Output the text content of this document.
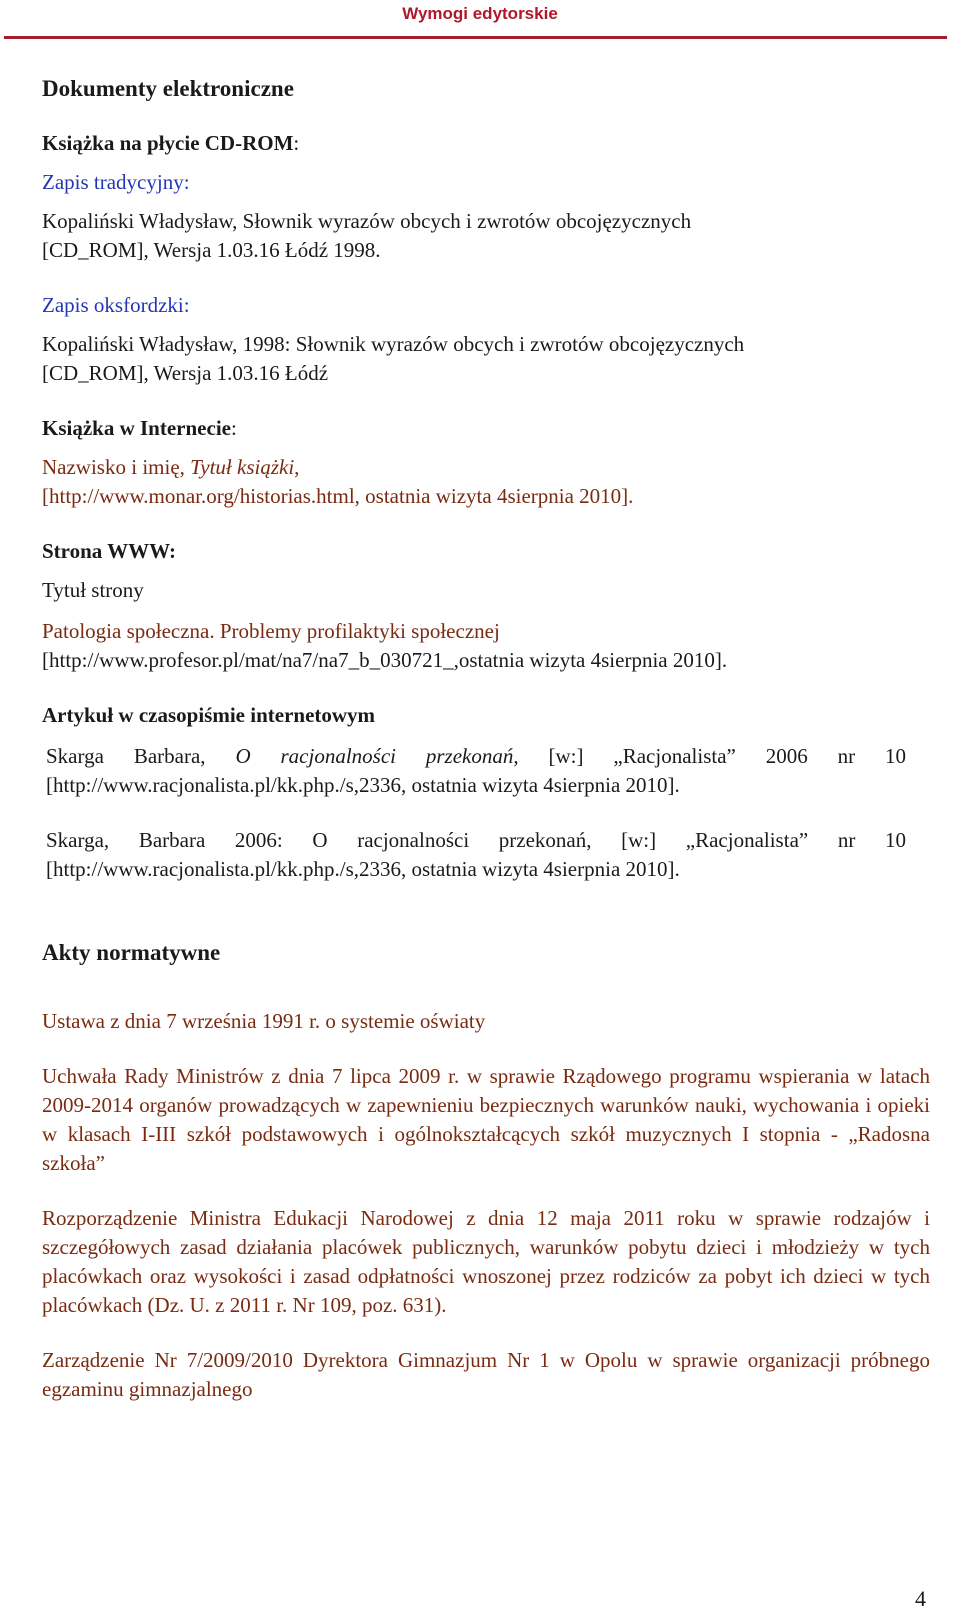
Wymogi edytorskie

Dokumenty elektroniczne

Książka na płycie CD-ROM:

Zapis tradycyjny:

Kopaliński Władysław, Słownik wyrazów obcych i zwrotów obcojęzycznych

[CD_ROM], Wersja 1.03.16 Łódź 1998.

Zapis oksfordzki:

Kopaliński Władysław, 1998: Słownik wyrazów obcych i zwrotów obcojęzycznych

[CD_ROM], Wersja 1.03.16 Łódź

Książka w Internecie:

Nazwisko i imię, Tytuł książki,

[http://www.monar.org/historias.html, ostatnia wizyta 4sierpnia 2010].

Strona WWW:

Tytuł strony

Patologia społeczna. Problemy profilaktyki społecznej

[http://www.profesor.pl/mat/na7/na7_b_030721_,ostatnia wizyta 4sierpnia 2010].

Artykuł w czasopiśmie internetowym

Skarga Barbara, O racjonalności przekonań, [w:] „Racjonalista” 2006 nr 10 [http://www.racjonalista.pl/kk.php./s,2336, ostatnia wizyta 4sierpnia 2010].

Skarga, Barbara 2006: O racjonalności przekonań, [w:] „Racjonalista” nr 10 [http://www.racjonalista.pl/kk.php./s,2336, ostatnia wizyta 4sierpnia 2010].

Akty normatywne

Ustawa z dnia 7 września 1991 r. o systemie oświaty

Uchwała Rady Ministrów z dnia 7 lipca 2009 r. w sprawie Rządowego programu wspierania w latach 2009-2014 organów prowadzących w zapewnieniu bezpiecznych warunków nauki, wychowania i opieki w klasach I-III szkół podstawowych i ogólnokształcących szkół muzycznych I stopnia - „Radosna szkoła”

Rozporządzenie Ministra Edukacji Narodowej z dnia 12 maja 2011 roku w sprawie rodzajów i szczegółowych zasad działania placówek publicznych, warunków pobytu dzieci i młodzieży w tych placówkach oraz wysokości i zasad odpłatności wnoszonej przez rodziców za pobyt ich dzieci w tych placówkach (Dz. U. z 2011 r. Nr 109, poz. 631).

Zarządzenie Nr 7/2009/2010 Dyrektora Gimnazjum Nr 1 w Opolu w sprawie organizacji próbnego egzaminu gimnazjalnego

4
